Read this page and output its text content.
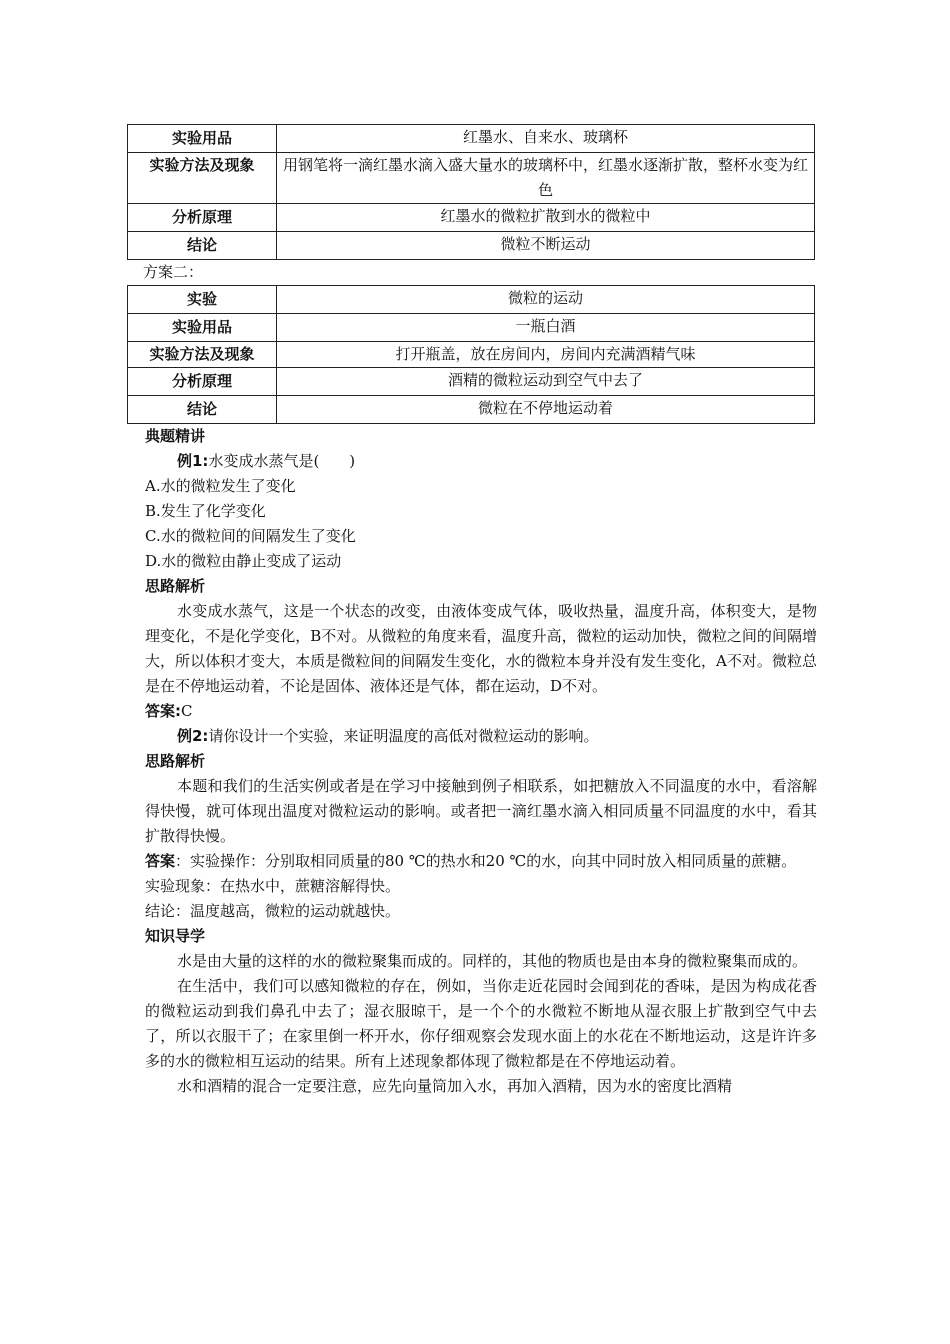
实验用品	红墨水、自来水、玻璃杯
实验方法及现象	用钢笔将一滴红墨水滴入盛大量水的玻璃杯中，红墨水逐渐扩散，整杯水变为红色
分析原理	红墨水的微粒扩散到水的微粒中
结论	微粒不断运动
方案二：
实验	微粒的运动
实验用品	一瓶白酒
实验方法及现象	打开瓶盖，放在房间内，房间内充满酒精气味
分析原理	酒精的微粒运动到空气中去了
结论	微粒在不停地运动着
典题精讲
例1:水变成水蒸气是(　　)
A.水的微粒发生了变化
B.发生了化学变化
C.水的微粒间的间隔发生了变化
D.水的微粒由静止变成了运动
思路解析
水变成水蒸气，这是一个状态的改变，由液体变成气体，吸收热量，温度升高，体积变大，是物理变化，不是化学变化，B不对。从微粒的角度来看，温度升高，微粒的运动加快，微粒之间的间隔增大，所以体积才变大，本质是微粒间的间隔发生变化，水的微粒本身并没有发生变化，A不对。微粒总是在不停地运动着，不论是固体、液体还是气体，都在运动，D不对。
答案:C
例2:请你设计一个实验，来证明温度的高低对微粒运动的影响。
思路解析
本题和我们的生活实例或者是在学习中接触到例子相联系，如把糖放入不同温度的水中，看溶解得快慢，就可体现出温度对微粒运动的影响。或者把一滴红墨水滴入相同质量不同温度的水中，看其扩散得快慢。
答案：实验操作：分别取相同质量的80 ℃的热水和20 ℃的水，向其中同时放入相同质量的蔗糖。
实验现象：在热水中，蔗糖溶解得快。
结论：温度越高，微粒的运动就越快。
知识导学
水是由大量的这样的水的微粒聚集而成的。同样的，其他的物质也是由本身的微粒聚集而成的。
在生活中，我们可以感知微粒的存在，例如，当你走近花园时会闻到花的香味，是因为构成花香的微粒运动到我们鼻孔中去了；湿衣服晾干，是一个个的水微粒不断地从湿衣服上扩散到空气中去了，所以衣服干了；在家里倒一杯开水，你仔细观察会发现水面上的水花在不断地运动，这是许许多多的水的微粒相互运动的结果。所有上述现象都体现了微粒都是在不停地运动着。
水和酒精的混合一定要注意，应先向量筒加入水，再加入酒精，因为水的密度比酒精
